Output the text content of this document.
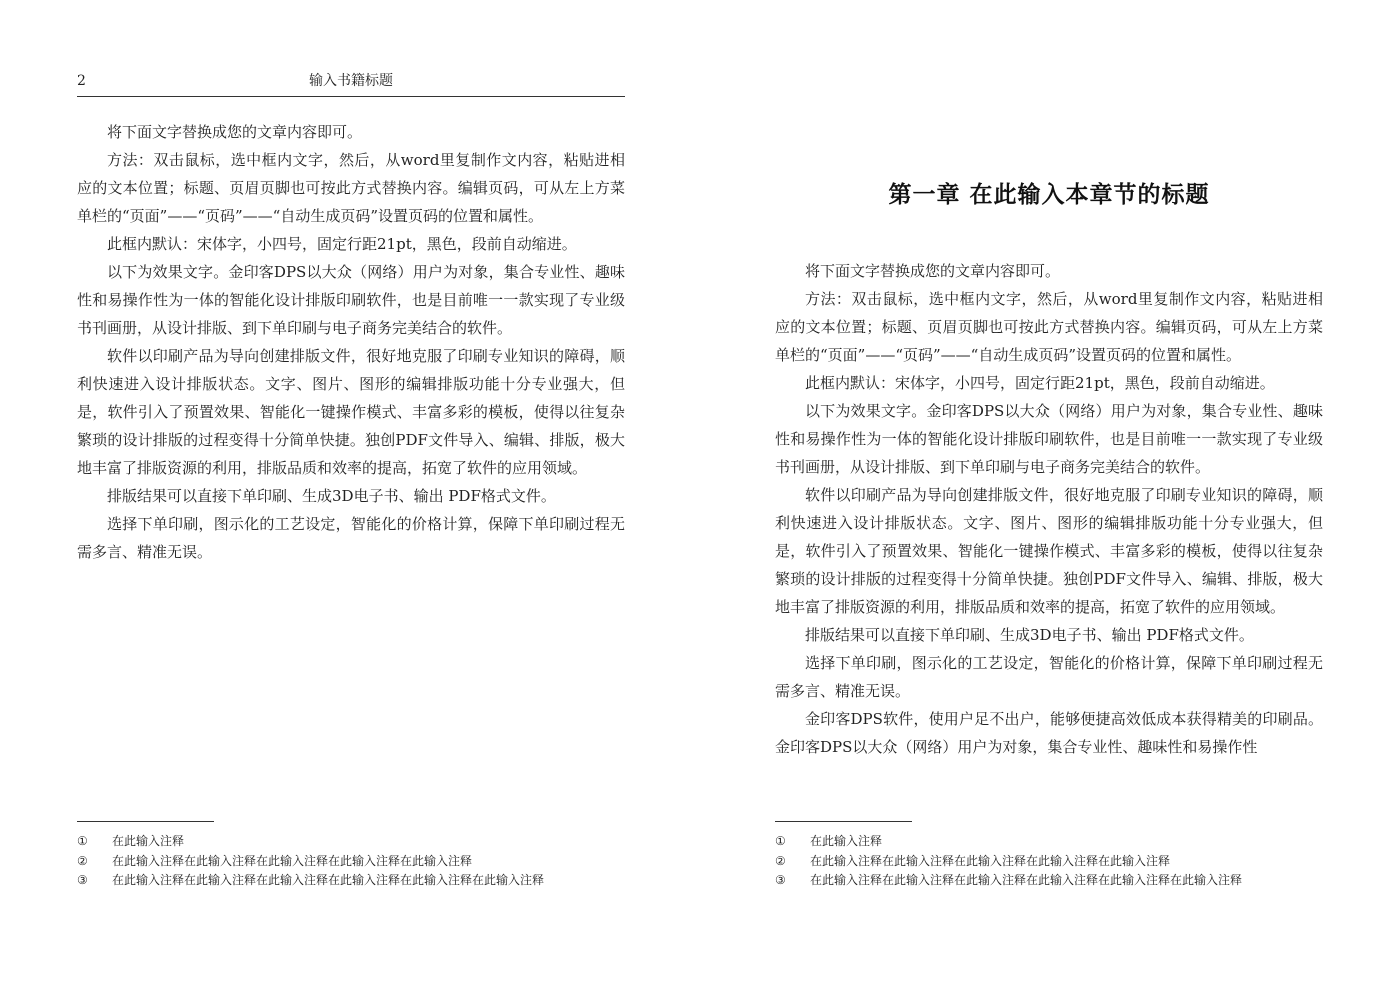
2	输入书籍标题

将下面文字替换成您的文章内容即可。

方法：双击鼠标，选中框内文字，然后，从word里复制作文内容，粘贴进相应的文本位置；标题、页眉页脚也可按此方式替换内容。编辑页码，可从左上方菜单栏的“页面”——“页码”——“自动生成页码”设置页码的位置和属性。

此框内默认：宋体字，小四号，固定行距21pt，黑色，段前自动缩进。

以下为效果文字。金印客DPS以大众（网络）用户为对象，集合专业性、趣味性和易操作性为一体的智能化设计排版印刷软件，也是目前唯一一款实现了专业级书刊画册，从设计排版、到下单印刷与电子商务完美结合的软件。

软件以印刷产品为导向创建排版文件，很好地克服了印刷专业知识的障碍，顺利快速进入设计排版状态。文字、图片、图形的编辑排版功能十分专业强大，但是，软件引入了预置效果、智能化一键操作模式、丰富多彩的模板，使得以往复杂繁琐的设计排版的过程变得十分简单快捷。独创PDF文件导入、编辑、排版，极大地丰富了排版资源的利用，排版品质和效率的提高，拓宽了软件的应用领域。

排版结果可以直接下单印刷、生成3D电子书、输出 PDF格式文件。

选择下单印刷，图示化的工艺设定，智能化的价格计算，保障下单印刷过程无需多言、精准无误。

① 在此输入注释
② 在此输入注释在此输入注释在此输入注释在此输入注释在此输入注释
③ 在此输入注释在此输入注释在此输入注释在此输入注释在此输入注释在此输入注释
第一章 在此输入本章节的标题

将下面文字替换成您的文章内容即可。

方法：双击鼠标，选中框内文字，然后，从word里复制作文内容，粘贴进相应的文本位置；标题、页眉页脚也可按此方式替换内容。编辑页码，可从左上方菜单栏的“页面”——“页码”——“自动生成页码”设置页码的位置和属性。

此框内默认：宋体字，小四号，固定行距21pt，黑色，段前自动缩进。

以下为效果文字。金印客DPS以大众（网络）用户为对象，集合专业性、趣味性和易操作性为一体的智能化设计排版印刷软件，也是目前唯一一款实现了专业级书刊画册，从设计排版、到下单印刷与电子商务完美结合的软件。

软件以印刷产品为导向创建排版文件，很好地克服了印刷专业知识的障碍，顺利快速进入设计排版状态。文字、图片、图形的编辑排版功能十分专业强大，但是，软件引入了预置效果、智能化一键操作模式、丰富多彩的模板，使得以往复杂繁琐的设计排版的过程变得十分简单快捷。独创PDF文件导入、编辑、排版，极大地丰富了排版资源的利用，排版品质和效率的提高，拓宽了软件的应用领域。

排版结果可以直接下单印刷、生成3D电子书、输出 PDF格式文件。

选择下单印刷，图示化的工艺设定，智能化的价格计算，保障下单印刷过程无需多言、精准无误。

金印客DPS软件，使用户足不出户，能够便捷高效低成本获得精美的印刷品。金印客DPS以大众（网络）用户为对象，集合专业性、趣味性和易操作性

① 在此输入注释
② 在此输入注释在此输入注释在此输入注释在此输入注释在此输入注释
③ 在此输入注释在此输入注释在此输入注释在此输入注释在此输入注释在此输入注释
